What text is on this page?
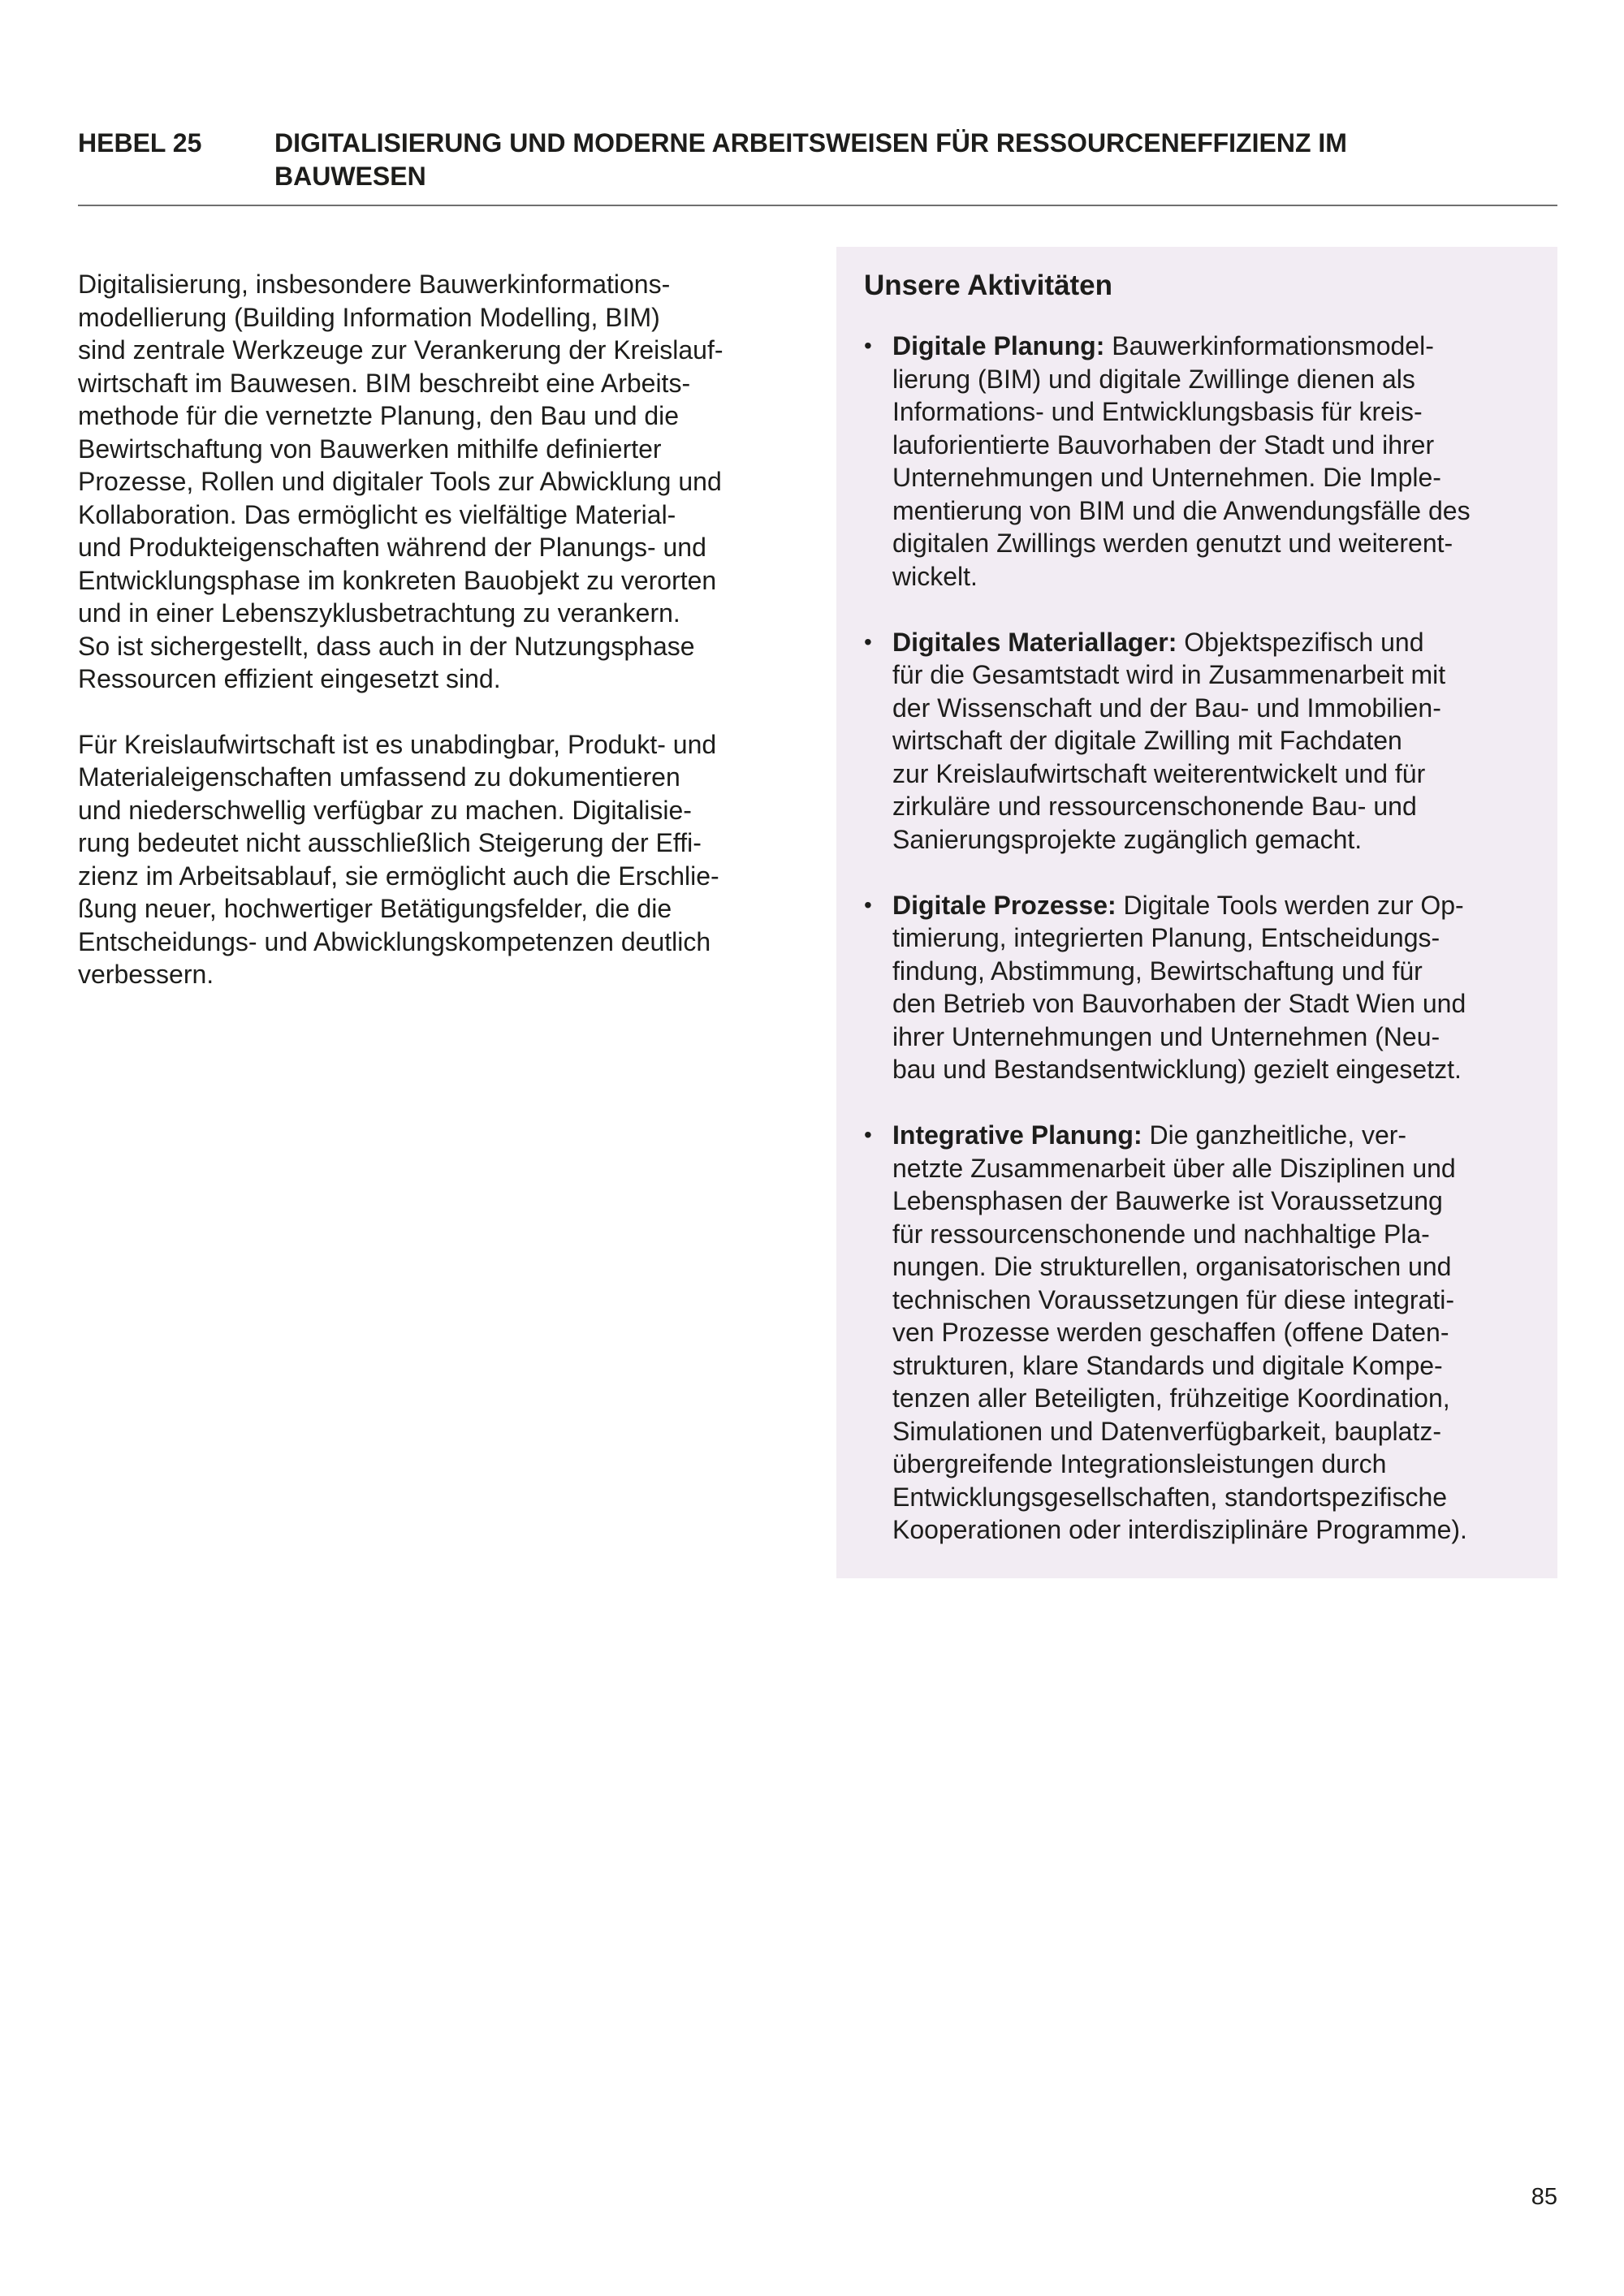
HEBEL 25	DIGITALISIERUNG UND MODERNE ARBEITSWEISEN FÜR RESSOURCENEFFIZIENZ IM
BAUWESEN

Digitalisierung, insbesondere Bauwerkinformations-
modellierung (Building Information Modelling, BIM)
sind zentrale Werkzeuge zur Verankerung der Kreislauf-
wirtschaft im Bauwesen. BIM beschreibt eine Arbeits-
methode für die vernetzte Planung, den Bau und die
Bewirtschaftung von Bauwerken mithilfe definierter
Prozesse, Rollen und digitaler Tools zur Abwicklung und
Kollaboration. Das ermöglicht es vielfältige Material-
und Produkteigenschaften während der Planungs- und
Entwicklungsphase im konkreten Bauobjekt zu verorten
und in einer Lebenszyklusbetrachtung zu verankern.
So ist sichergestellt, dass auch in der Nutzungsphase
Ressourcen effizient eingesetzt sind.

Für Kreislaufwirtschaft ist es unabdingbar, Produkt- und
Materialeigenschaften umfassend zu dokumentieren
und niederschwellig verfügbar zu machen. Digitalisie-
rung bedeutet nicht ausschließlich Steigerung der Effi-
zienz im Arbeitsablauf, sie ermöglicht auch die Erschlie-
ßung neuer, hochwertiger Betätigungsfelder, die die
Entscheidungs- und Abwicklungskompetenzen deutlich
verbessern.

Unsere Aktivitäten
• Digitale Planung: Bauwerkinformationsmodel-
lierung (BIM) und digitale Zwillinge dienen als
Informations- und Entwicklungsbasis für kreis-
lauforientierte Bauvorhaben der Stadt und ihrer
Unternehmungen und Unternehmen. Die Imple-
mentierung von BIM und die Anwendungsfälle des
digitalen Zwillings werden genutzt und weiterent-
wickelt.
• Digitales Materiallager: Objektspezifisch und
für die Gesamtstadt wird in Zusammenarbeit mit
der Wissenschaft und der Bau- und Immobilien-
wirtschaft der digitale Zwilling mit Fachdaten
zur Kreislaufwirtschaft weiterentwickelt und für
zirkuläre und ressourcenschonende Bau- und
Sanierungsprojekte zugänglich gemacht.
• Digitale Prozesse: Digitale Tools werden zur Op-
timierung, integrierten Planung, Entscheidungs-
findung, Abstimmung, Bewirtschaftung und für
den Betrieb von Bauvorhaben der Stadt Wien und
ihrer Unternehmungen und Unternehmen (Neu-
bau und Bestandsentwicklung) gezielt eingesetzt.
• Integrative Planung: Die ganzheitliche, ver-
netzte Zusammenarbeit über alle Disziplinen und
Lebensphasen der Bauwerke ist Voraussetzung
für ressourcenschonende und nachhaltige Pla-
nungen. Die strukturellen, organisatorischen und
technischen Voraussetzungen für diese integrati-
ven Prozesse werden geschaffen (offene Daten-
strukturen, klare Standards und digitale Kompe-
tenzen aller Beteiligten, frühzeitige Koordination,
Simulationen und Datenverfügbarkeit, bauplatz-
übergreifende Integrationsleistungen durch
Entwicklungsgesellschaften, standortspezifische
Kooperationen oder interdisziplinäre Programme).
85
